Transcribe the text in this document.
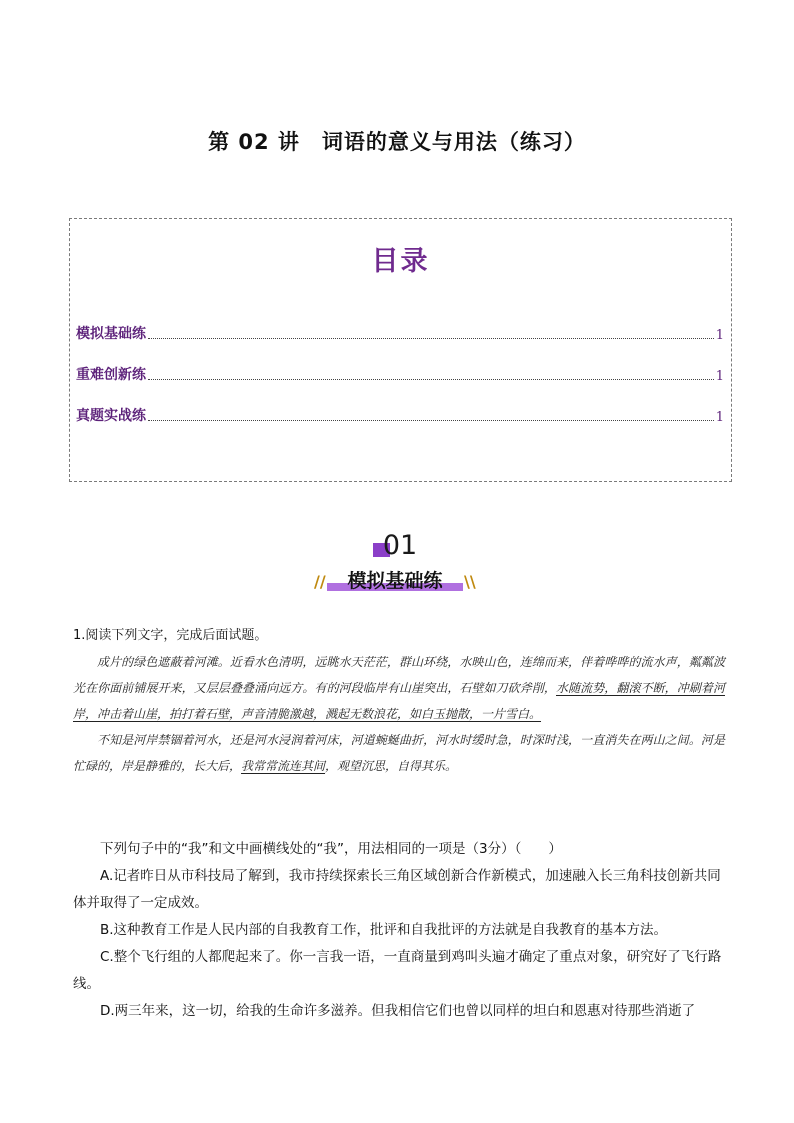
第 02 讲　词语的意义与用法（练习）
目录
模拟基础练	1
重难创新练	1
真题实战练	1
01
//	\\
模拟基础练
1.阅读下列文字，完成后面试题。

成片的绿色遮蔽着河滩。近看水色清明，远眺水天茫茫，群山环绕，水映山色，连绵而来，伴着哗哗的流水声，粼粼波光在你面前铺展开来，又层层叠叠涌向远方。有的河段临岸有山崖突出，石壁如刀砍斧削，水随流势，翻滚不断，冲刷着河岸，冲击着山崖，拍打着石壁，声音清脆激越，溅起无数浪花，如白玉抛散，一片雪白。

不知是河岸禁锢着河水，还是河水浸润着河床，河道蜿蜒曲折，河水时缓时急，时深时浅，一直消失在两山之间。河是忙碌的，岸是静雅的，长大后，我常常流连其间，观望沉思，自得其乐。

下列句子中的“我”和文中画横线处的“我”，用法相同的一项是（3分）（　　）

A.记者昨日从市科技局了解到，我市持续探索长三角区域创新合作新模式，加速融入长三角科技创新共同体并取得了一定成效。

B.这种教育工作是人民内部的自我教育工作，批评和自我批评的方法就是自我教育的基本方法。

C.整个飞行组的人都爬起来了。你一言我一语，一直商量到鸡叫头遍才确定了重点对象，研究好了飞行路线。

D.两三年来，这一切，给我的生命许多滋养。但我相信它们也曾以同样的坦白和恩惠对待那些消逝了
